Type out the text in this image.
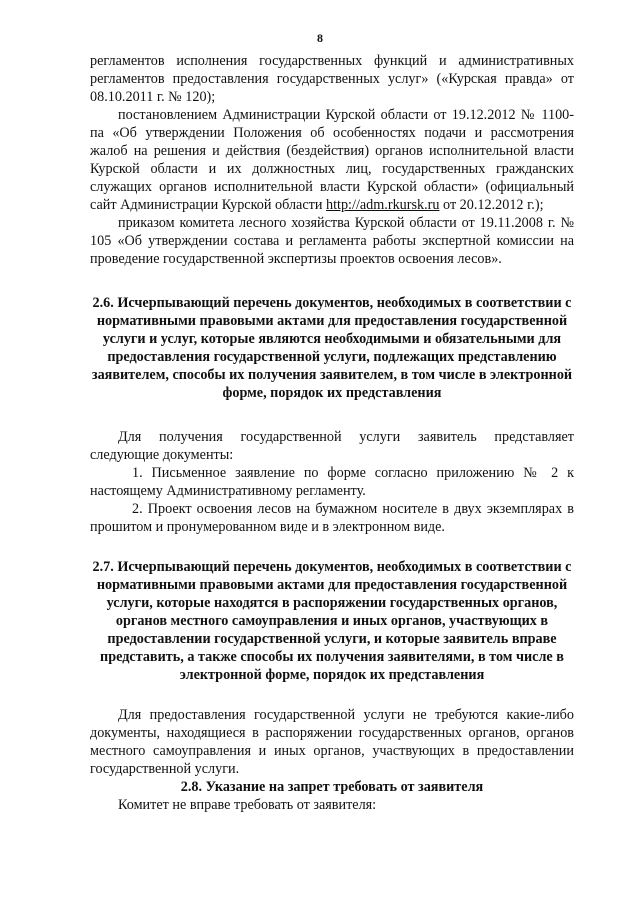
8

регламентов исполнения государственных функций и административных регламентов предоставления государственных услуг» («Курская правда» от 08.10.2011 г. № 120);

постановлением Администрации Курской области от 19.12.2012 № 1100-па «Об утверждении Положения об особенностях подачи и рассмотрения жалоб на решения и действия (бездействия) органов исполнительной власти Курской области и их должностных лиц, государственных гражданских служащих органов исполнительной власти Курской области» (официальный сайт Администрации Курской области http://adm.rkursk.ru от 20.12.2012 г.);

приказом комитета лесного хозяйства Курской области от 19.11.2008 г. № 105 «Об утверждении состава и регламента работы экспертной комиссии на проведение государственной экспертизы проектов освоения лесов».

2.6. Исчерпывающий перечень документов, необходимых в соответствии с нормативными правовыми актами для предоставления государственной услуги и услуг, которые являются необходимыми и обязательными для предоставления государственной услуги, подлежащих представлению заявителем, способы их получения заявителем, в том числе в электронной форме, порядок их представления

Для получения государственной услуги заявитель представляет следующие документы:

1. Письменное заявление по форме согласно приложению № 2 к настоящему Административному регламенту.

2. Проект освоения лесов на бумажном носителе в двух экземплярах в прошитом и пронумерованном виде и в электронном виде.

2.7. Исчерпывающий перечень документов, необходимых в соответствии с нормативными правовыми актами для предоставления государственной услуги, которые находятся в распоряжении государственных органов, органов местного самоуправления и иных органов, участвующих в предоставлении государственной услуги, и которые заявитель вправе представить, а также способы их получения заявителями, в том числе в электронной форме, порядок их представления

Для предоставления государственной услуги не требуются какие-либо документы, находящиеся в распоряжении государственных органов, органов местного самоуправления и иных органов, участвующих в предоставлении государственной услуги.

2.8. Указание на запрет требовать от заявителя

Комитет не вправе требовать от заявителя:
